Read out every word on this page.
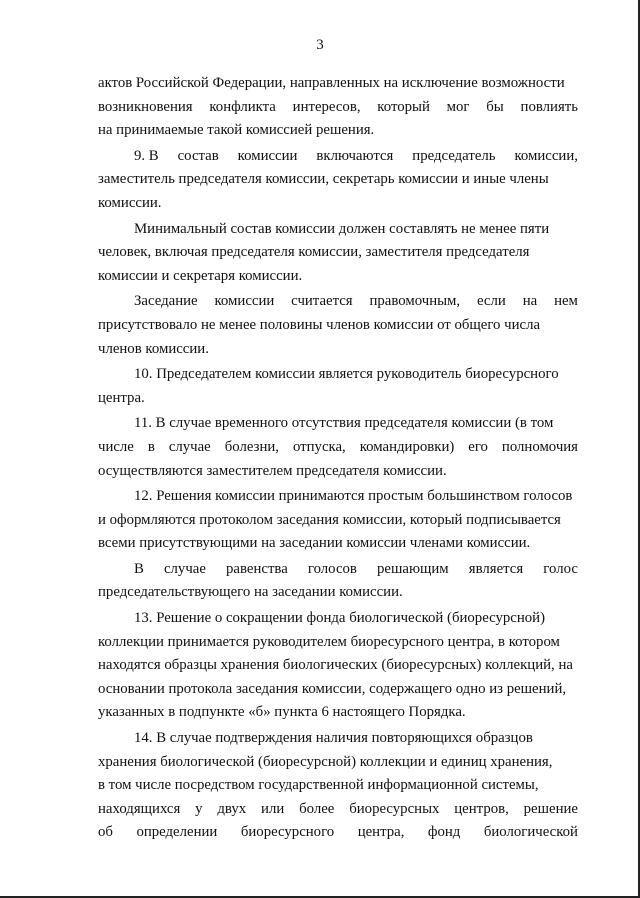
3
актов Российской Федерации, направленных на исключение возможности
возникновения конфликта интересов, который мог бы повлиять
на принимаемые такой комиссией решения.
9. В состав комиссии включаются председатель комиссии,
заместитель председателя комиссии, секретарь комиссии и иные члены
комиссии.
Минимальный состав комиссии должен составлять не менее пяти
человек, включая председателя комиссии, заместителя председателя
комиссии и секретаря комиссии.
Заседание комиссии считается правомочным, если на нем
присутствовало не менее половины членов комиссии от общего числа
членов комиссии.
10. Председателем комиссии является руководитель биоресурсного
центра.
11. В случае временного отсутствия председателя комиссии (в том
числе в случае болезни, отпуска, командировки) его полномочия
осуществляются заместителем председателя комиссии.
12. Решения комиссии принимаются простым большинством голосов
и оформляются протоколом заседания комиссии, который подписывается
всеми присутствующими на заседании комиссии членами комиссии.
В случае равенства голосов решающим является голос
председательствующего на заседании комиссии.
13. Решение о сокращении фонда биологической (биоресурсной)
коллекции принимается руководителем биоресурсного центра, в котором
находятся образцы хранения биологических (биоресурсных) коллекций, на
основании протокола заседания комиссии, содержащего одно из решений,
указанных в подпункте «б» пункта 6 настоящего Порядка.
14. В случае подтверждения наличия повторяющихся образцов
хранения биологической (биоресурсной) коллекции и единиц хранения,
в том числе посредством государственной информационной системы,
находящихся у двух или более биоресурсных центров, решение
об определении биоресурсного центра, фонд биологической
